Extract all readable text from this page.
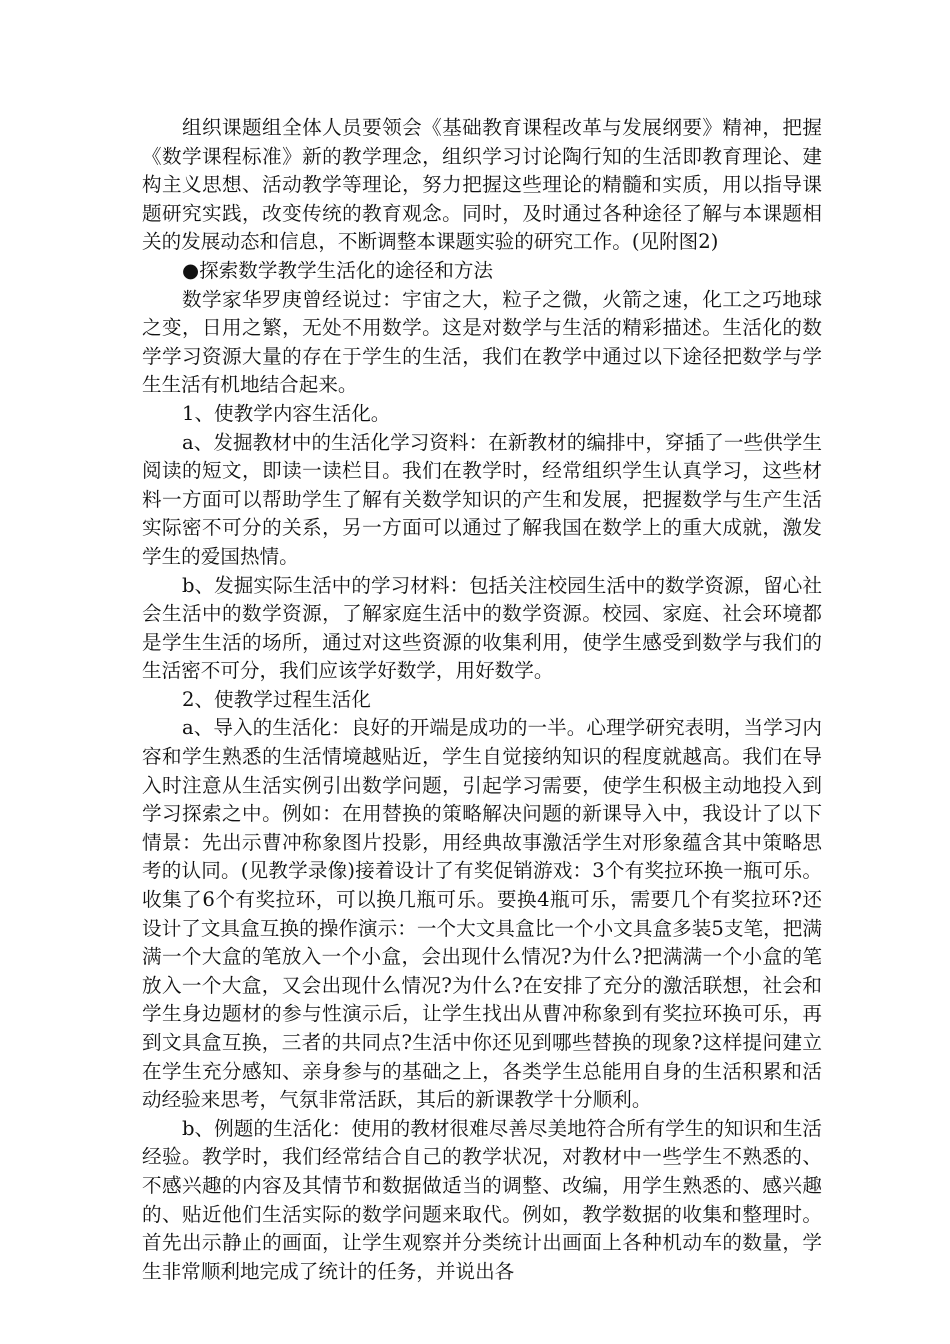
组织课题组全体人员要领会《基础教育课程改革与发展纲要》精神，把握《数学课程标准》新的教学理念，组织学习讨论陶行知的生活即教育理论、建构主义思想、活动教学等理论，努力把握这些理论的精髓和实质，用以指导课题研究实践，改变传统的教育观念。同时，及时通过各种途径了解与本课题相关的发展动态和信息，不断调整本课题实验的研究工作。(见附图2)

●探索数学教学生活化的途径和方法

数学家华罗庚曾经说过：宇宙之大，粒子之微，火箭之速，化工之巧地球之变，日用之繁，无处不用数学。这是对数学与生活的精彩描述。生活化的数学学习资源大量的存在于学生的生活，我们在教学中通过以下途径把数学与学生生活有机地结合起来。

1、使教学内容生活化。

a、发掘教材中的生活化学习资料：在新教材的编排中，穿插了一些供学生阅读的短文，即读一读栏目。我们在教学时，经常组织学生认真学习，这些材料一方面可以帮助学生了解有关数学知识的产生和发展，把握数学与生产生活实际密不可分的关系，另一方面可以通过了解我国在数学上的重大成就，激发学生的爱国热情。

b、发掘实际生活中的学习材料：包括关注校园生活中的数学资源，留心社会生活中的数学资源，了解家庭生活中的数学资源。校园、家庭、社会环境都是学生生活的场所，通过对这些资源的收集利用，使学生感受到数学与我们的生活密不可分，我们应该学好数学，用好数学。

2、使教学过程生活化

a、导入的生活化：良好的开端是成功的一半。心理学研究表明，当学习内容和学生熟悉的生活情境越贴近，学生自觉接纳知识的程度就越高。我们在导入时注意从生活实例引出数学问题，引起学习需要，使学生积极主动地投入到学习探索之中。例如：在用替换的策略解决问题的新课导入中，我设计了以下情景：先出示曹冲称象图片投影，用经典故事激活学生对形象蕴含其中策略思考的认同。(见教学录像)接着设计了有奖促销游戏：3个有奖拉环换一瓶可乐。收集了6个有奖拉环，可以换几瓶可乐。要换4瓶可乐，需要几个有奖拉环?还设计了文具盒互换的操作演示：一个大文具盒比一个小文具盒多装5支笔，把满满一个大盒的笔放入一个小盒，会出现什么情况?为什么?把满满一个小盒的笔放入一个大盒，又会出现什么情况?为什么?在安排了充分的激活联想，社会和学生身边题材的参与性演示后，让学生找出从曹冲称象到有奖拉环换可乐，再到文具盒互换，三者的共同点?生活中你还见到哪些替换的现象?这样提问建立在学生充分感知、亲身参与的基础之上，各类学生总能用自身的生活积累和活动经验来思考，气氛非常活跃，其后的新课教学十分顺利。

b、例题的生活化：使用的教材很难尽善尽美地符合所有学生的知识和生活经验。教学时，我们经常结合自己的教学状况，对教材中一些学生不熟悉的、不感兴趣的内容及其情节和数据做适当的调整、改编，用学生熟悉的、感兴趣的、贴近他们生活实际的数学问题来取代。例如，教学数据的收集和整理时。首先出示静止的画面，让学生观察并分类统计出画面上各种机动车的数量，学生非常顺利地完成了统计的任务，并说出各
